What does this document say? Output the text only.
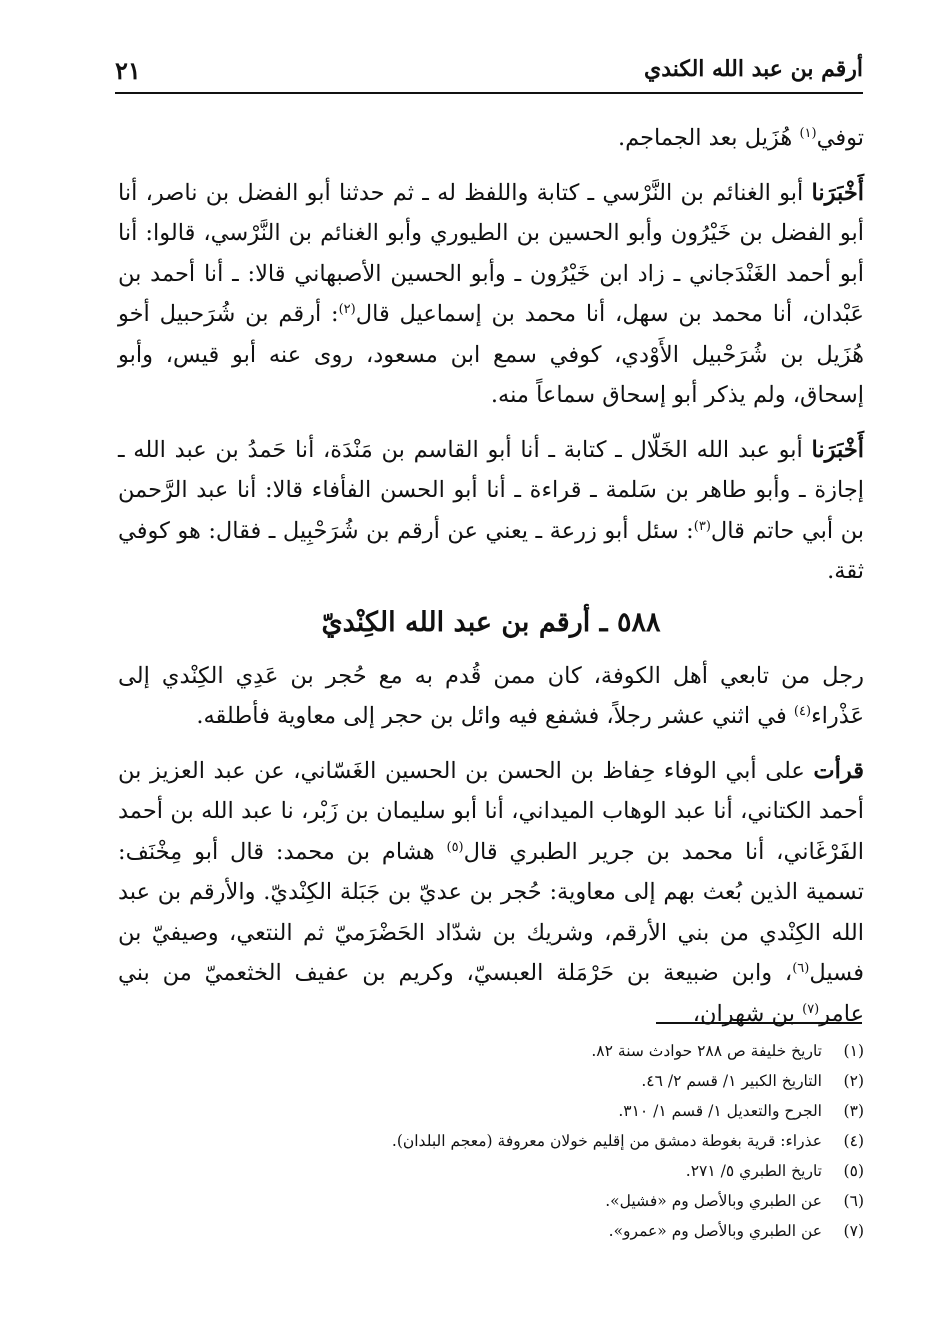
أرقم بن عبد الله الكندي
٢١

توفي$^{(١)}$ هُزَيل بعد الجماجم.

أَخْبَرَنا أبو الغنائم بن النَّرْسي ـ كتابة واللفظ له ـ ثم حدثنا أبو الفضل بن ناصر، أنا أبو الفضل بن خَيْرُون وأبو الحسين بن الطيوري وأبو الغنائم بن النَّرْسي، قالوا: أنا أبو أحمد الغَنْدَجاني ـ زاد ابن خَيْرُون ـ وأبو الحسين الأصبهاني قالا: ـ أنا أحمد بن عَبْدان، أنا محمد بن سهل، أنا محمد بن إسماعيل قال$^{(٢)}$: أرقم بن شُرَحبيل أخو هُزَيل بن شُرَحْبيل الأَوْدي، كوفي سمع ابن مسعود، روى عنه أبو قيس، وأبو إسحاق، ولم يذكر أبو إسحاق سماعاً منه.

أَخْبَرَنا أبو عبد الله الخَلّال ـ كتابة ـ أنا أبو القاسم بن مَنْدَة، أنا حَمدُ بن عبد الله ـ إجازة ـ وأبو طاهر بن سَلمة ـ قراءة ـ أنا أبو الحسن الفأفاء قالا: أنا عبد الرَّحمن بن أبي حاتم قال$^{(٣)}$: سئل أبو زرعة ـ يعني عن أرقم بن شُرَحْبِيل ـ فقال: هو كوفي ثقة.

٥٨٨ ـ أرقم بن عبد الله الكِنْديّ

رجل من تابعي أهل الكوفة، كان ممن قُدم به مع حُجر بن عَدِي الكِنْدي إلى عَذْراء$^{(٤)}$ في اثني عشر رجلاً، فشفع فيه وائل بن حجر إلى معاوية فأطلقه.

قرأت على أبي الوفاء حِفاظ بن الحسن بن الحسين الغَسّاني، عن عبد العزيز بن أحمد الكتاني، أنا عبد الوهاب الميداني، أنا أبو سليمان بن زَبْر، نا عبد الله بن أحمد الفَرْغَاني، أنا محمد بن جرير الطبري قال$^{(٥)}$ هشام بن محمد: قال أبو مِخْنَف: تسمية الذين بُعث بهم إلى معاوية: حُجر بن عديّ بن جَبَلة الكِنْديّ. والأرقم بن عبد الله الكِنْدي من بني الأرقم، وشريك بن شدّاد الحَضْرَميّ ثم النتعي، وصيفيّ بن فسيل$^{(٦)}$، وابن ضبيعة بن حَرْمَلة العبسيّ، وكريم بن عفيف الخثعميّ من بني عامر$^{(٧)}$ بن شهران،

(١)تاريخ خليفة ص ٢٨٨ حوادث سنة ٨٢.
(٢)التاريخ الكبير ١/ قسم ٢/ ٤٦.
(٣)الجرح والتعديل ١/ قسم ١/ ٣١٠.
(٤)عذراء: قرية بغوطة دمشق من إقليم خولان معروفة (معجم البلدان).
(٥)تاريخ الطبري ٥/ ٢٧١.
(٦)عن الطبري وبالأصل وم «فشيل».
(٧)عن الطبري وبالأصل وم «عمرو».
